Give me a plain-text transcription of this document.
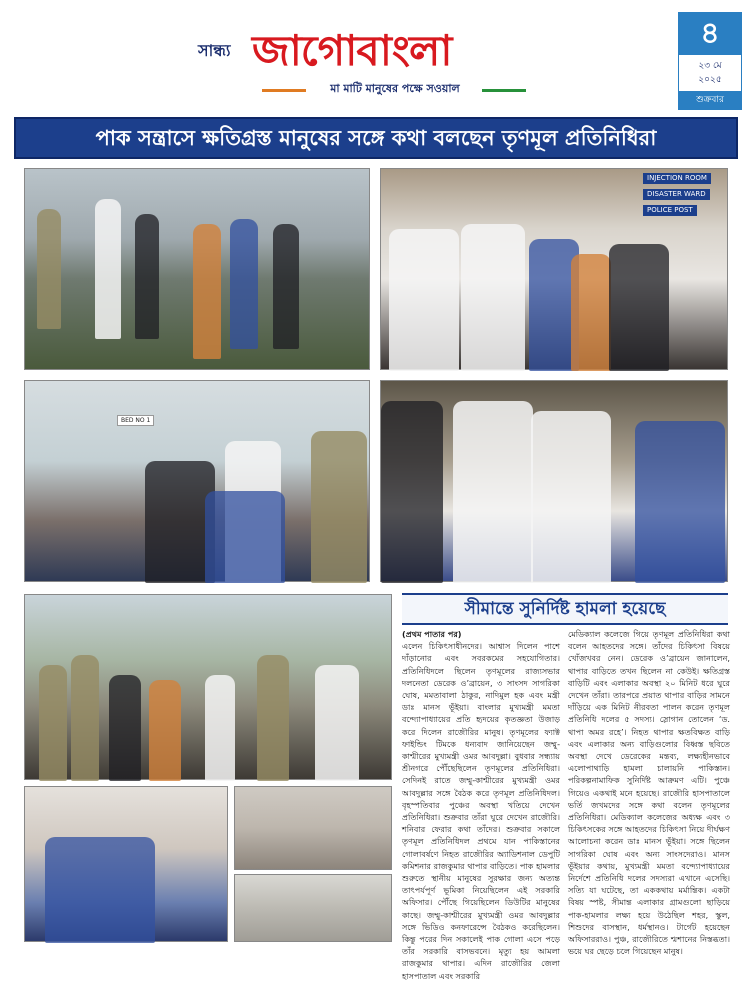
সান্ধ্য জাগোবাংলা
মা মাটি মানুষের পক্ষে সওয়াল
৪
২৩ মে
২০২৫
শুক্রবার
পাক সন্ত্রাসে ক্ষতিগ্রস্ত মানুষের সঙ্গে কথা বলছেন তৃণমূল প্রতিনিধিরা
INJECTION ROOM
DISASTER WARD
POLICE POST
BED NO 1
সীমান্তে সুনির্দিষ্ট হামলা হয়েছে
(প্রথম পাতার পর)

এলেন চিকিৎসাধীনদের। আশ্বাস দিলেন পাশে দাঁড়ানোর এবং সবরকমের সহযোগিতার। প্রতিনিধিদলে ছিলেন তৃণমূলের রাজ্যসভার দলনেতা ডেরেক ও’ব্রায়েন, ৩ সাংসদ সাগরিকা ঘোষ, মমতাবালা ঠাকুর, নাদিমুল হক এবং মন্ত্রী ডাঃ মানস ভূঁইয়া। বাংলার মুখ্যমন্ত্রী মমতা বন্দ্যোপাধ্যায়ের প্রতি হৃদয়ের কৃতজ্ঞতা উজাড় করে দিলেন রাজৌরির মানুষ। তৃণমূলের ফ্যাক্ট ফাইন্ডিং টিমকে ধন্যবাদ জানিয়েছেন জম্মু-কাশ্মীরের মুখ্যমন্ত্রী ওমর আবদুল্লা। বুধবার সন্ধ্যায় শ্রীনগরে পৌঁছেছিলেন তৃণমূলের প্রতিনিধিরা। সেদিনই রাতে জম্মু-কাশ্মীরের মুখ্যমন্ত্রী ওমর আবদুল্লার সঙ্গে বৈঠক করে তৃণমূল প্রতিনিধিদল। বৃহস্পতিবার পুঞ্চের অবস্থা খতিয়ে দেখেন প্রতিনিধিরা। শুক্রবার তাঁরা ঘুরে দেখেন রাজৌরি। শনিবার ফেরার কথা তাঁদের। শুক্রবার সকালে তৃণমূল প্রতিনিধিদল প্রথমে যান পাকিস্তানের গোলাবর্ষণে নিহত রাজৌরির অ্যাডিশনাল ডেপুটি কমিশনার রাজকুমার থাপার বাড়িতে। পাক হামলার শুরুতে স্থানীয় মানুষের সুরক্ষার জন্য অত্যন্ত তাৎপর্যপূর্ণ ভূমিকা নিয়েছিলেন এই সরকারি অফিসার। পৌঁছে গিয়েছিলেন ডিউটির মানুষের কাছে। জম্মু-কাশ্মীরের মুখ্যমন্ত্রী ওমর আবদুল্লার সঙ্গে ভিডিও কনফারেন্সে বৈঠকও করেছিলেন। কিন্তু পরের দিন সকালেই পাক গোলা এসে পড়ে তাঁর সরকারি বাসভবনে। মৃত্যু হয় আমলা রাজকুমার থাপার। এদিন রাজৌরির জেলা হাসপাতাল এবং সরকারি

মেডিক্যাল কলেজে গিয়ে তৃণমূল প্রতিনিধিরা কথা বলেন আহতদের সঙ্গে। তাঁদের চিকিৎসা বিষয়ে খোঁজখবর নেন। ডেরেক ও’ব্রায়েন জানালেন, থাপার বাড়িতে তখন ছিলেন না কেউই। ক্ষতিগ্রস্ত বাড়িটি এবং এলাকার অবস্থা ২০ মিনিট ধরে ঘুরে দেখেন তাঁরা। তারপরে প্রয়াত থাপার বাড়ির সামনে দাঁড়িয়ে এক মিনিট নীরবতা পালন করেন তৃণমূল প্রতিনিধি দলের ৫ সদস্য। স্লোগান তোলেন ‘ড. থাপা অমর রহে’। নিহত থাপার ক্ষতবিক্ষত বাড়ি এবং এলাকার অন্য বাড়িগুলোর বিধ্বস্ত ছবিতে অবস্থা দেখে ডেরেকের মন্তব্য, লক্ষ্যহীনভাবে এলোপাথাড়ি হামলা চালায়নি পাকিস্তান। পরিকল্পনামাফিক সুনির্দিষ্ট আক্রমণ এটি। পুঞ্চে গিয়েও একথাই মনে হয়েছে। রাজৌরি হাসপাতালে ভর্তি জখমদের সঙ্গে কথা বলেন তৃণমূলের প্রতিনিধিরা। মেডিক্যাল কলেজের অধ্যক্ষ এবং ৩ চিকিৎসকের সঙ্গে আহতদের চিকিৎসা নিয়ে দীর্ঘক্ষণ আলোচনা করেন ডাঃ মানস ভূঁইয়া। সঙ্গে ছিলেন সাগরিকা ঘোষ এবং অন্য সাংসদেরাও। মানস ভূঁইয়ার কথায়, মুখ্যমন্ত্রী মমতা বন্দ্যোপাধ্যায়ের নির্দেশে প্রতিনিধি দলের সদস্যরা এখানে এসেছি। সত্যি যা ঘটেছে, তা এককথায় মর্মান্তিক। একটা বিষয় স্পষ্ট, সীমান্ত এলাকার গ্রামগুলো ছাড়িয়ে পাক-হামলার লক্ষ্য হয়ে উঠেছিল শহর, স্কুল, শিশুদের বাসস্থান, ধর্মস্থানও। টার্গেট হয়েছেন অফিসাররাও। পুঞ্চ, রাজৌরিতে শ্মশানের নিস্তব্ধতা। ভয়ে ঘর ছেড়ে চলে গিয়েছেন মানুষ।
